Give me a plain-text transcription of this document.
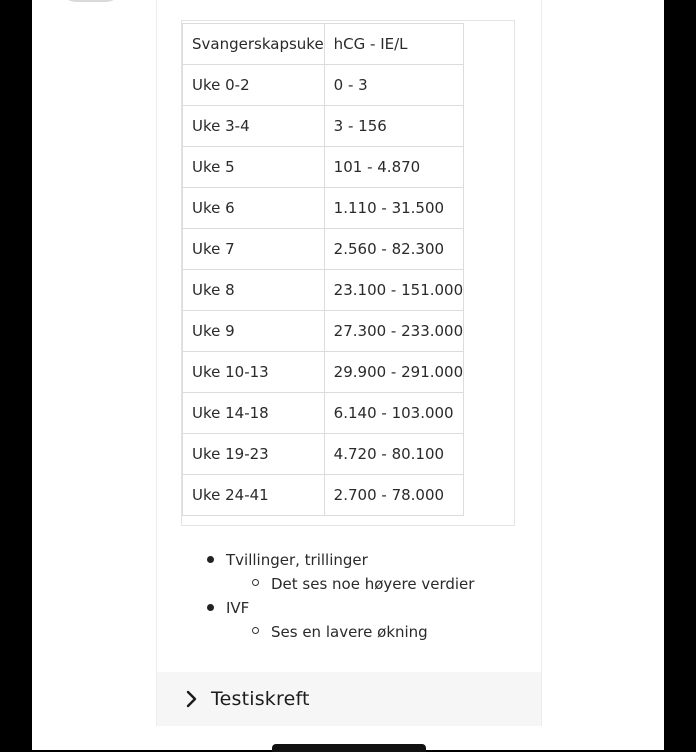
Svangerskapsuke	hCG - IE/L
Uke 0-2	0 - 3
Uke 3-4	3 - 156
Uke 5	101 - 4.870
Uke 6	1.110 - 31.500
Uke 7	2.560 - 82.300
Uke 8	23.100 - 151.000
Uke 9	27.300 - 233.000
Uke 10-13	29.900 - 291.000
Uke 14-18	6.140 - 103.000
Uke 19-23	4.720 - 80.100
Uke 24-41	2.700 - 78.000
Tvillinger, trillinger
Det ses noe høyere verdier
IVF
Ses en lavere økning
Testiskreft
